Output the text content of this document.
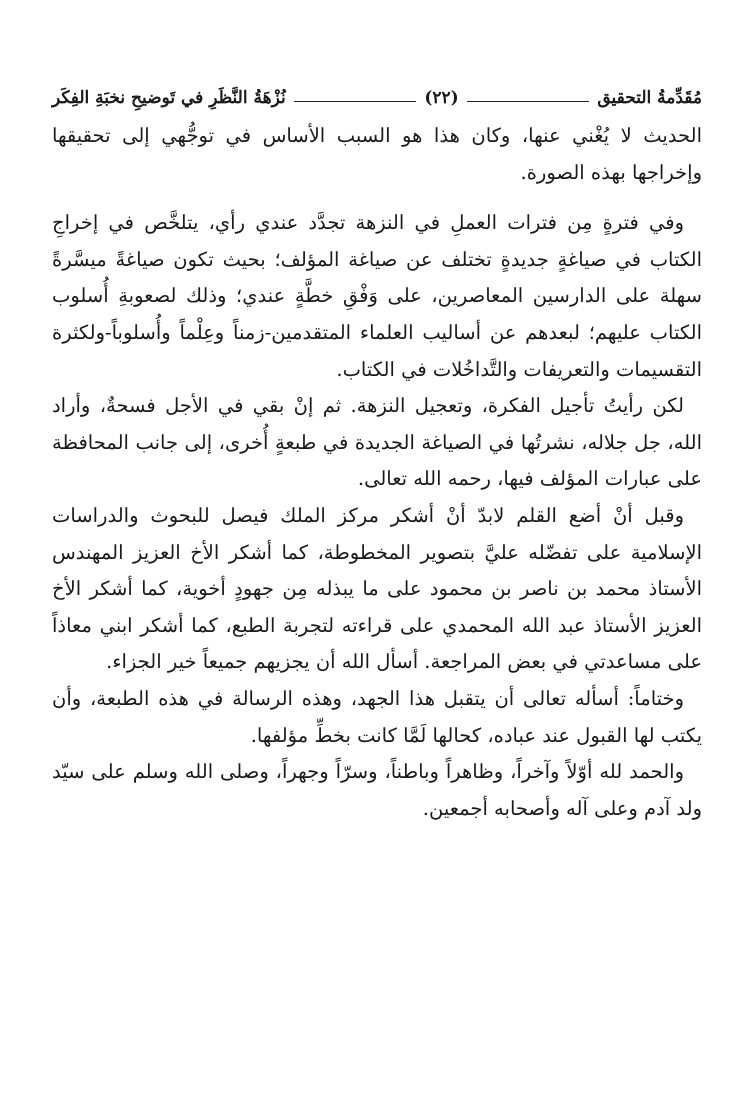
مُقَدِّمةُ التحقيق
(٢٢)
نُزْهَةُ النَّظَرِ في تَوضيحِ نخبَةِ الفِكَر

الحديث لا يُغْني عنها، وكان هذا هو السبب الأساس في توجُّهي إلى تحقيقها وإخراجها بهذه الصورة.

وفي فترةٍ مِن فترات العملِ في النزهة تجدَّد عندي رأي، يتلخَّص في إخراجِ الكتاب في صياغةٍ جديدةٍ تختلف عن صياغة المؤلف؛ بحيث تكون صياغةً ميسَّرةً سهلة على الدارسين المعاصرين، على وَفْقِ خطَّةٍ عندي؛ وذلك لصعوبةِ أُسلوب الكتاب عليهم؛ لبعدهم عن أساليب العلماء المتقدمين-زمناً وعِلْماً وأُسلوباً-ولكثرة التقسيمات والتعريفات والتَّداخُلات في الكتاب.

لكن رأيتُ تأجيل الفكرة، وتعجيل النزهة. ثم إنْ بقي في الأجل فسحةٌ، وأراد الله، جل جلاله، نشرتُها في الصياغة الجديدة في طبعةٍ أُخرى، إلى جانب المحافظة على عبارات المؤلف فيها، رحمه الله تعالى.

وقبل أنْ أضع القلم لابدّ أنْ أشكر مركز الملك فيصل للبحوث والدراسات الإسلامية على تفضّله عليَّ بتصوير المخطوطة، كما أشكر الأخ العزيز المهندس الأستاذ محمد بن ناصر بن محمود على ما يبذله مِن جهودٍ أخوية، كما أشكر الأخ العزيز الأستاذ عبد الله المحمدي على قراءته لتجربة الطبع، كما أشكر ابني معاذاً على مساعدتي في بعض المراجعة. أسأل الله أن يجزيهم جميعاً خير الجزاء.

وختاماً: أسأله تعالى أن يتقبل هذا الجهد، وهذه الرسالة في هذه الطبعة، وأن يكتب لها القبول عند عباده، كحالها لَمَّا كانت بخطِّ مؤلفها.

والحمد لله أوّلاً وآخراً، وظاهراً وباطناً، وسرّاً وجهراً، وصلى الله وسلم على سيّد ولد آدم وعلى آله وأصحابه أجمعين.
